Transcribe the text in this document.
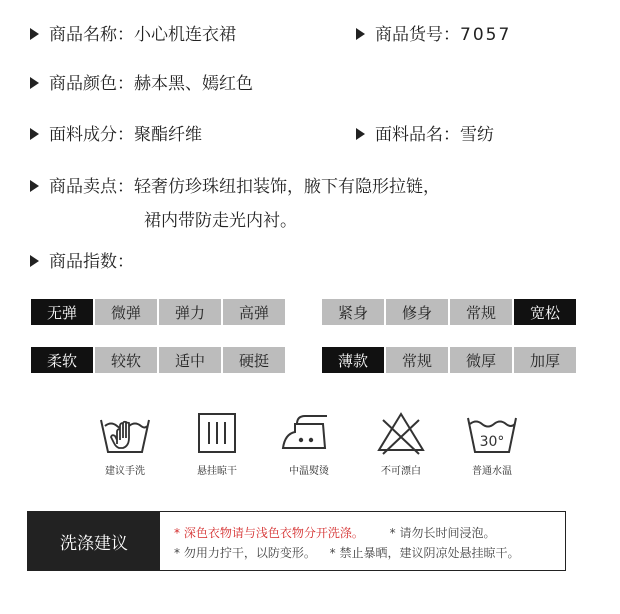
商品名称：小心机连衣裙	商品货号：7057
商品颜色：赫本黑、嫣红色
面料成分：聚酯纤维	面料品名：雪纺
商品卖点：轻奢仿珍珠纽扣装饰，腋下有隐形拉链，
裙内带防走光内衬。
商品指数：
无弹	微弹	弹力	高弹	紧身	修身	常规	宽松
柔软	较软	适中	硬挺	薄款	常规	微厚	加厚
建议手洗	悬挂晾干	中温熨烫	不可漂白
30°
普通水温
洗涤建议
* 深色衣物请与浅色衣物分开洗涤。 * 请勿长时间浸泡。
* 勿用力拧干，以防变形。 * 禁止暴晒，建议阴凉处悬挂晾干。
